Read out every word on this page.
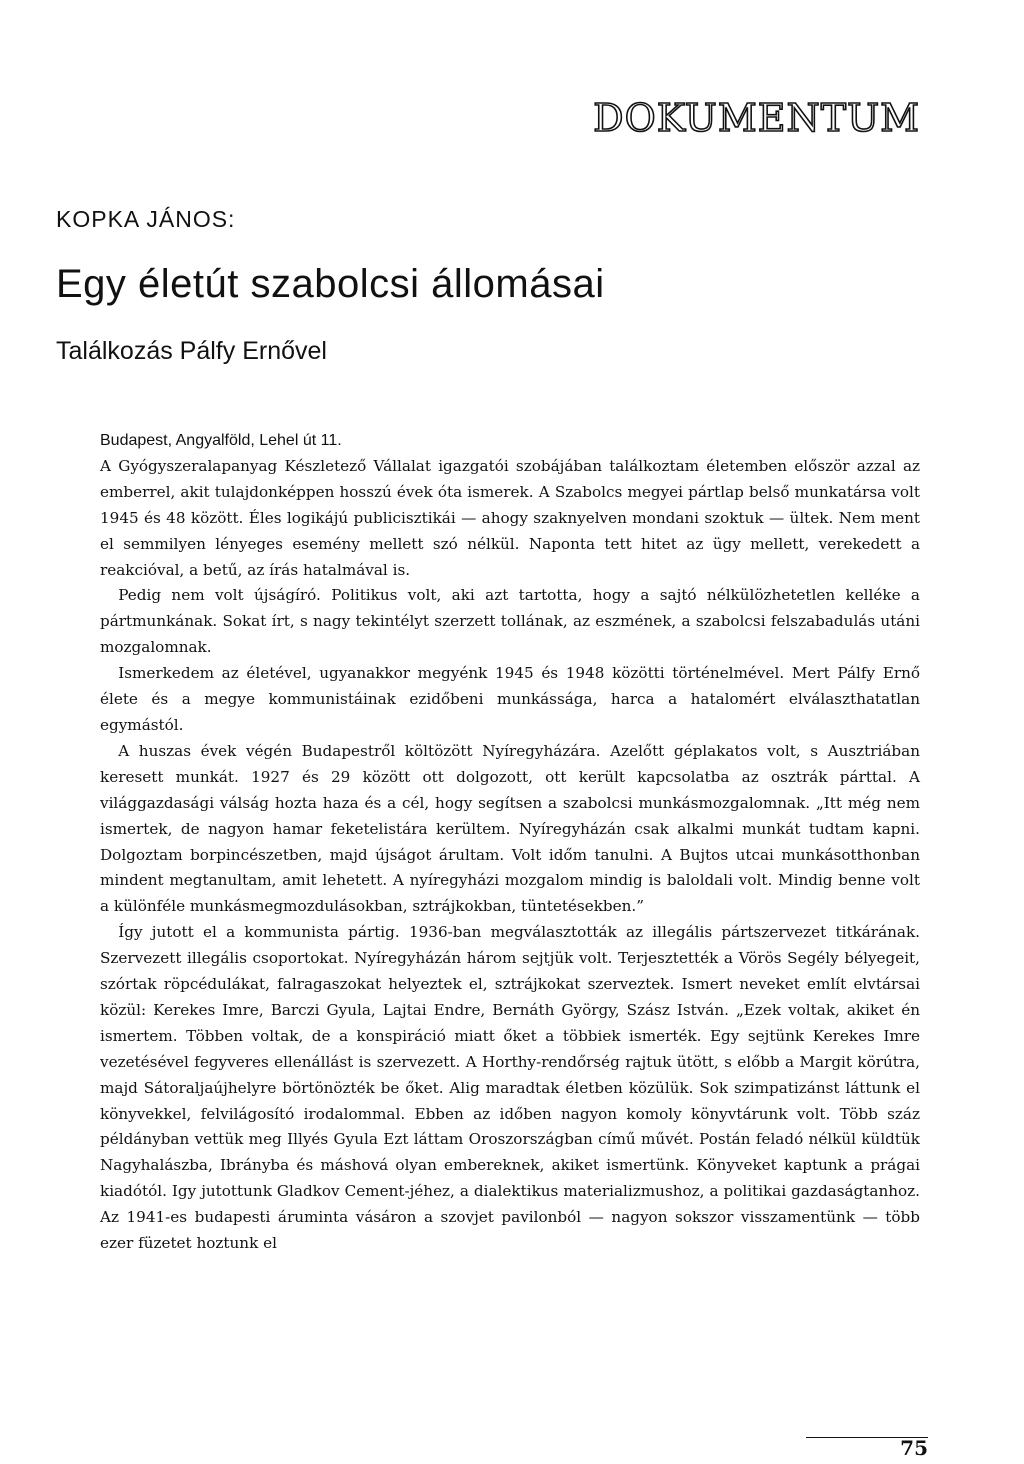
DOKUMENTUM
KOPKA JÁNOS:
Egy életút szabolcsi állomásai
Találkozás Pálfy Ernővel

Budapest, Angyalföld, Lehel út 11.

A Gyógyszeralapanyag Készletező Vállalat igazgatói szobájában találkoztam életemben először azzal az emberrel, akit tulajdonképpen hosszú évek óta ismerek. A Szabolcs megyei pártlap belső munkatársa volt 1945 és 48 között. Éles logikájú publicisztikái — ahogy szaknyelven mondani szoktuk — ültek. Nem ment el semmilyen lényeges esemény mellett szó nélkül. Naponta tett hitet az ügy mellett, verekedett a reakcióval, a betű, az írás hatalmával is.

Pedig nem volt újságíró. Politikus volt, aki azt tartotta, hogy a sajtó nélkülözhetetlen kelléke a pártmunkának. Sokat írt, s nagy tekintélyt szerzett tollának, az eszmének, a szabolcsi felszabadulás utáni mozgalomnak.

Ismerkedem az életével, ugyanakkor megyénk 1945 és 1948 közötti történelmével. Mert Pálfy Ernő élete és a megye kommunistáinak ezidőbeni munkássága, harca a hatalomért elválaszthatatlan egymástól.

A huszas évek végén Budapestről költözött Nyíregyházára. Azelőtt géplakatos volt, s Ausztriában keresett munkát. 1927 és 29 között ott dolgozott, ott került kapcsolatba az osztrák párttal. A világgazdasági válság hozta haza és a cél, hogy segítsen a szabolcsi munkásmozgalomnak. „Itt még nem ismertek, de nagyon hamar feketelistára kerültem. Nyíregyházán csak alkalmi munkát tudtam kapni. Dolgoztam borpincészetben, majd újságot árultam. Volt időm tanulni. A Bujtos utcai munkásotthonban mindent megtanultam, amit lehetett. A nyíregyházi mozgalom mindig is baloldali volt. Mindig benne volt a különféle munkásmegmozdulásokban, sztrájkokban, tüntetésekben.”

Így jutott el a kommunista pártig. 1936-ban megválasztották az illegális pártszervezet titkárának. Szervezett illegális csoportokat. Nyíregyházán három sejtjük volt. Terjesztették a Vörös Segély bélyegeit, szórtak röpcédulákat, falragaszokat helyeztek el, sztrájkokat szerveztek. Ismert neveket említ elvtársai közül: Kerekes Imre, Barczi Gyula, Lajtai Endre, Bernáth György, Szász István. „Ezek voltak, akiket én ismertem. Többen voltak, de a konspiráció miatt őket a többiek ismerték. Egy sejtünk Kerekes Imre vezetésével fegyveres ellenállást is szervezett. A Horthy-rendőrség rajtuk ütött, s előbb a Margit körútra, majd Sátoraljaújhelyre börtönözték be őket. Alig maradtak életben közülük. Sok szimpatizánst láttunk el könyvekkel, felvilágosító irodalommal. Ebben az időben nagyon komoly könyvtárunk volt. Több száz példányban vettük meg Illyés Gyula Ezt láttam Oroszországban című művét. Postán feladó nélkül küldtük Nagyhalászba, Ibrányba és máshová olyan embereknek, akiket ismertünk. Könyveket kaptunk a prágai kiadótól. Igy jutottunk Gladkov Cement-jéhez, a dialektikus materializmushoz, a politikai gazdaságtanhoz. Az 1941-es budapesti áruminta vásáron a szovjet pavilonból — nagyon sokszor visszamentünk — több ezer füzetet hoztunk el

75
